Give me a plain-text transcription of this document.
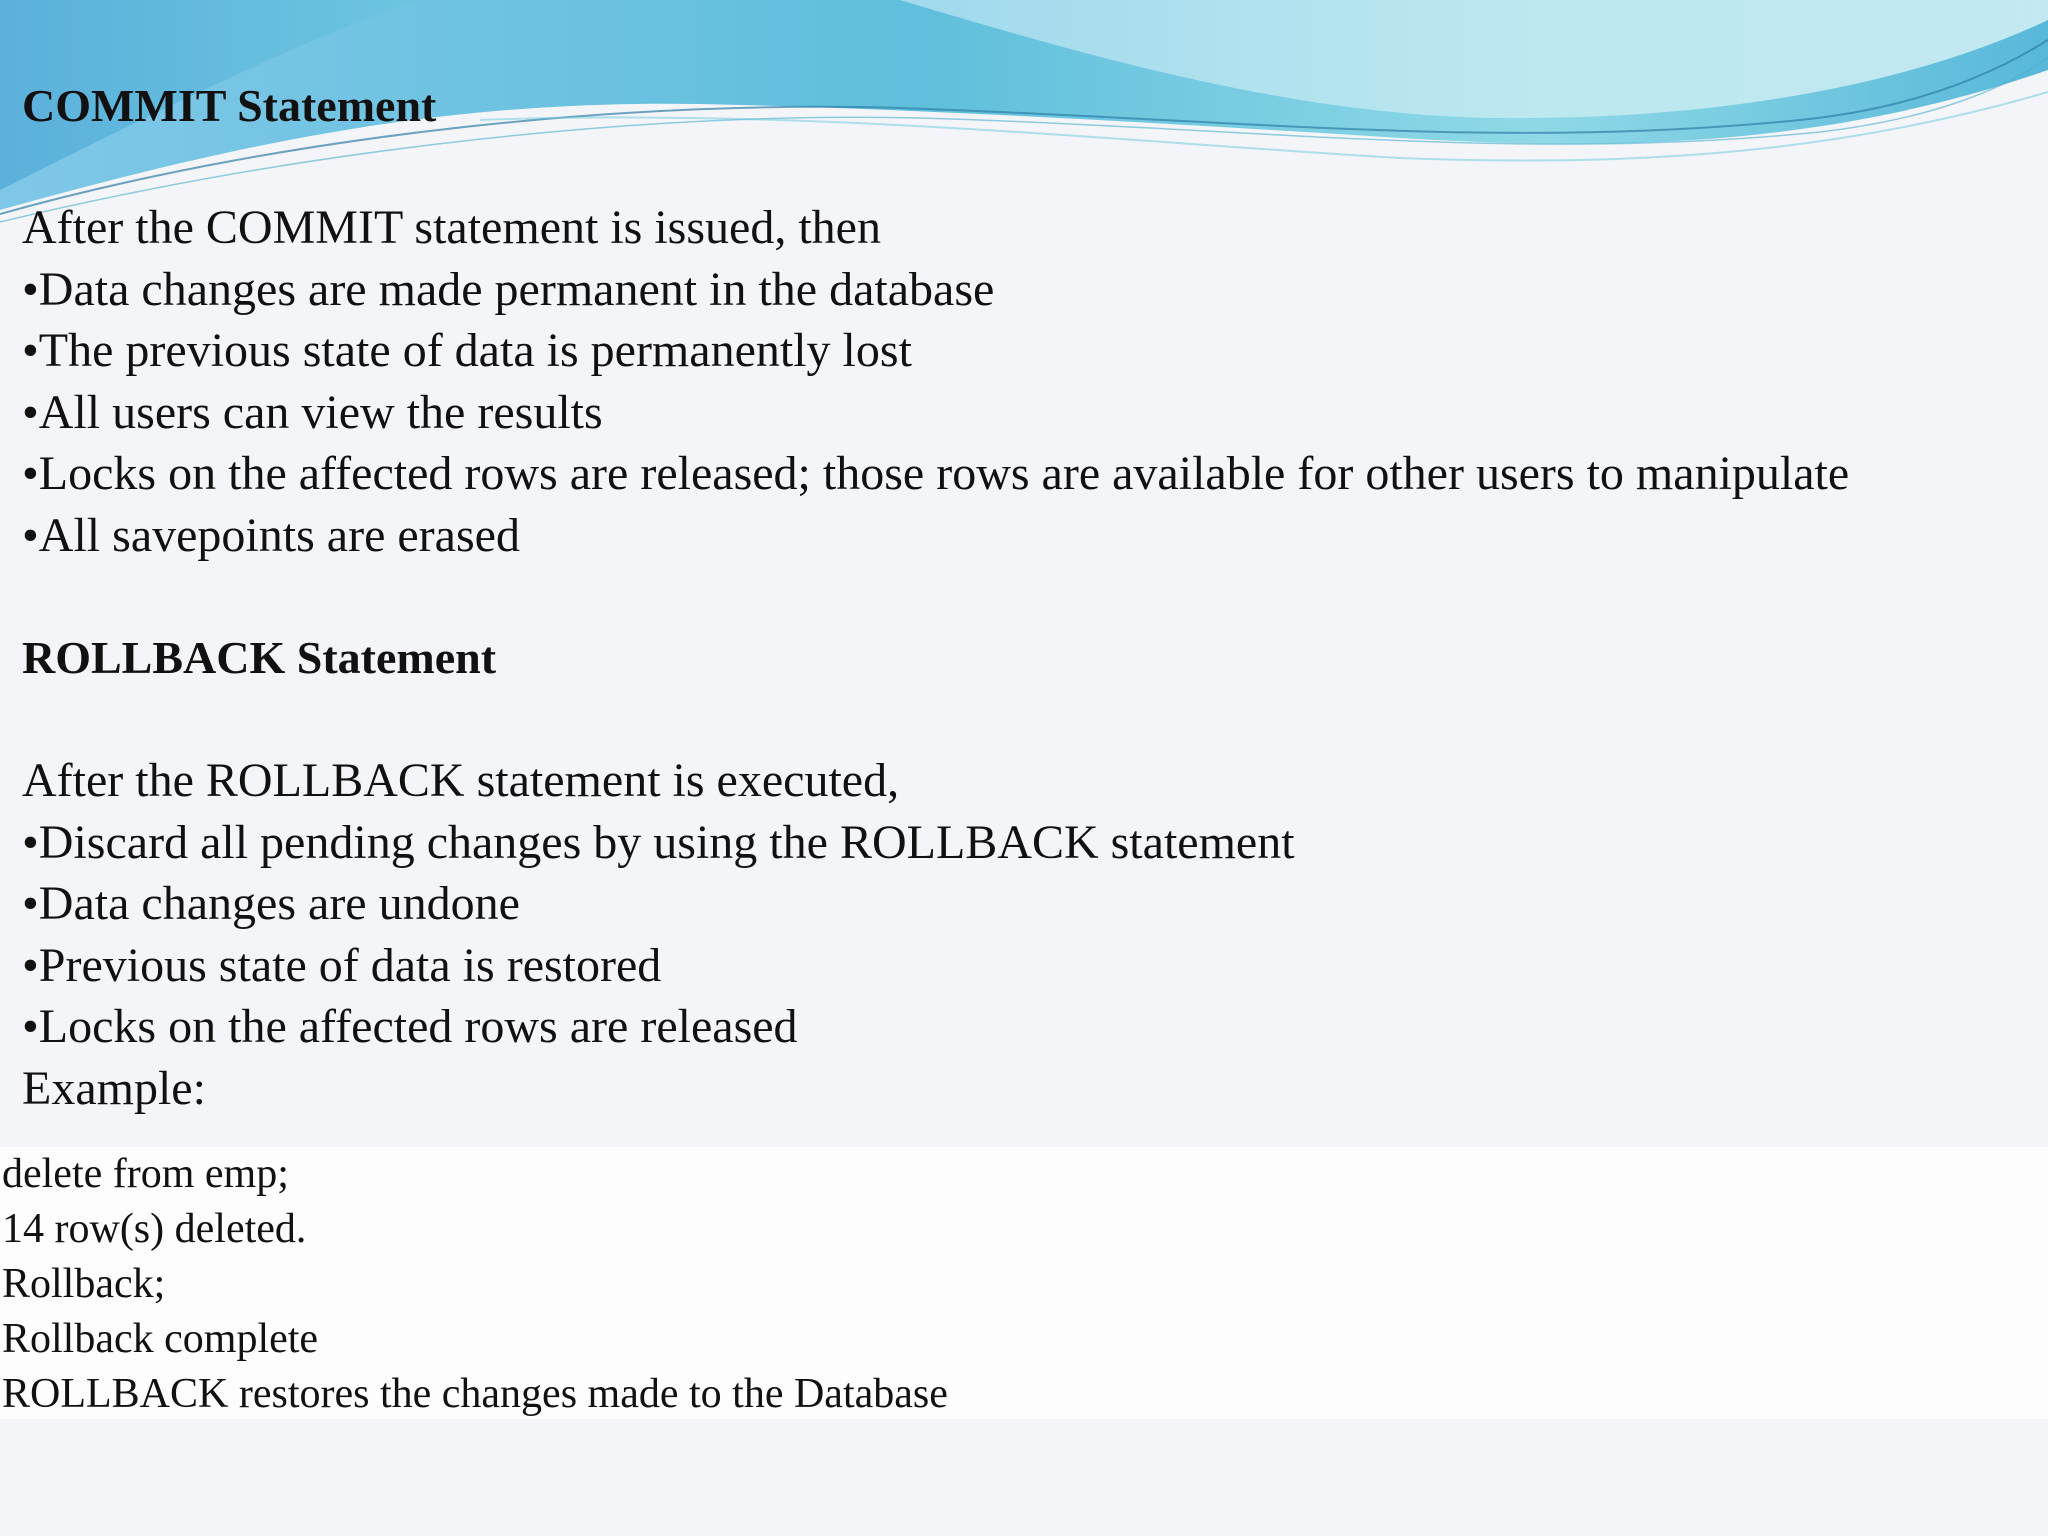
COMMIT Statement
After the COMMIT statement is issued, then
•Data changes are made permanent in the database
•The previous state of data is permanently lost
•All users can view the results
•Locks on the affected rows are released; those rows are available for other users to manipulate
•All savepoints are erased
ROLLBACK Statement
After the ROLLBACK statement is executed,
•Discard all pending changes by using the ROLLBACK statement
•Data changes are undone
•Previous state of data is restored
•Locks on the affected rows are released
Example:
delete from emp;
14 row(s) deleted.
Rollback;
Rollback complete
ROLLBACK restores the changes made to the Database
